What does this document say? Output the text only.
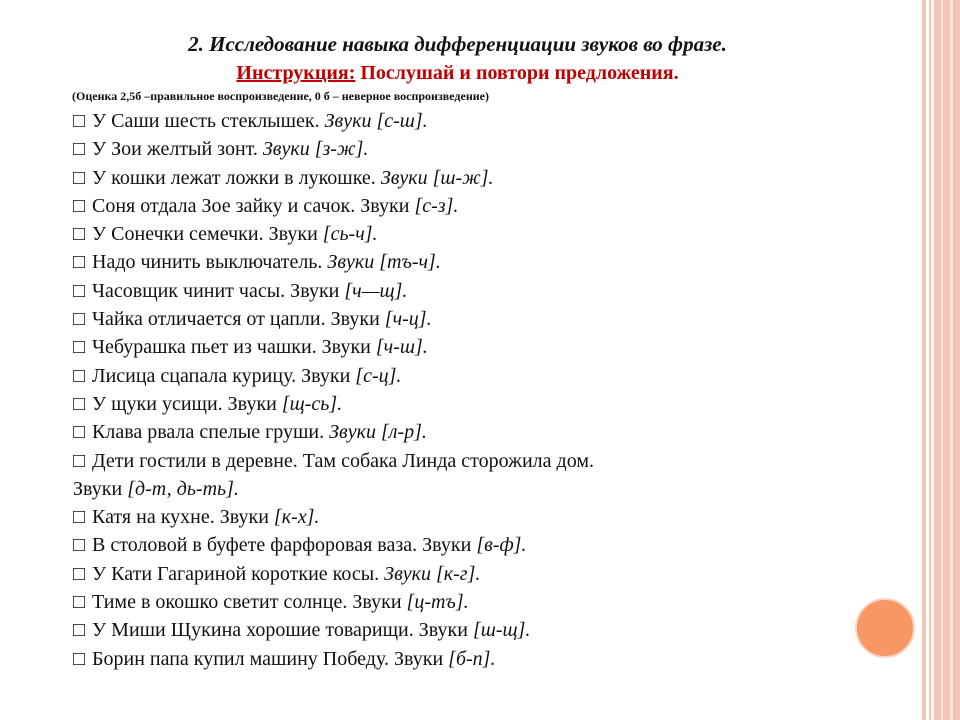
2. Исследование навыка дифференциации звуков во фразе.
Инструкция: Послушай и повтори предложения.
(Оценка 2,5б –правильное воспроизведение, 0 б – неверное воспроизведение)
□ У Саши шесть стеклышек. Звуки [с-ш].
□ У Зои желтый зонт. Звуки [з-ж].
□ У кошки лежат ложки в лукошке. Звуки [ш-ж].
□ Соня отдала Зое зайку и сачок. Звуки [с-з].
□ У Сонечки семечки. Звуки [сь-ч].
□ Надо чинить выключатель. Звуки [тъ-ч].
□ Часовщик чинит часы. Звуки [ч—щ].
□ Чайка отличается от цапли. Звуки [ч-ц].
□ Чебурашка пьет из чашки. Звуки [ч-ш].
□ Лисица сцапала курицу. Звуки [с-ц].
□ У щуки усищи. Звуки [щ-сь].
□ Клава рвала спелые груши. Звуки [л-р].
□ Дети гостили в деревне. Там собака Линда сторожила дом.
Звуки [д-т, дь-ть].
□ Катя на кухне. Звуки [к-х].
□ В столовой в буфете фарфоровая ваза. Звуки [в-ф].
□ У Кати Гагариной короткие косы. Звуки [к-г].
□ Тиме в окошко светит солнце. Звуки [ц-тъ].
□ У Миши Щукина хорошие товарищи. Звуки [ш-щ].
□ Борин папа купил машину Победу. Звуки [б-п].
